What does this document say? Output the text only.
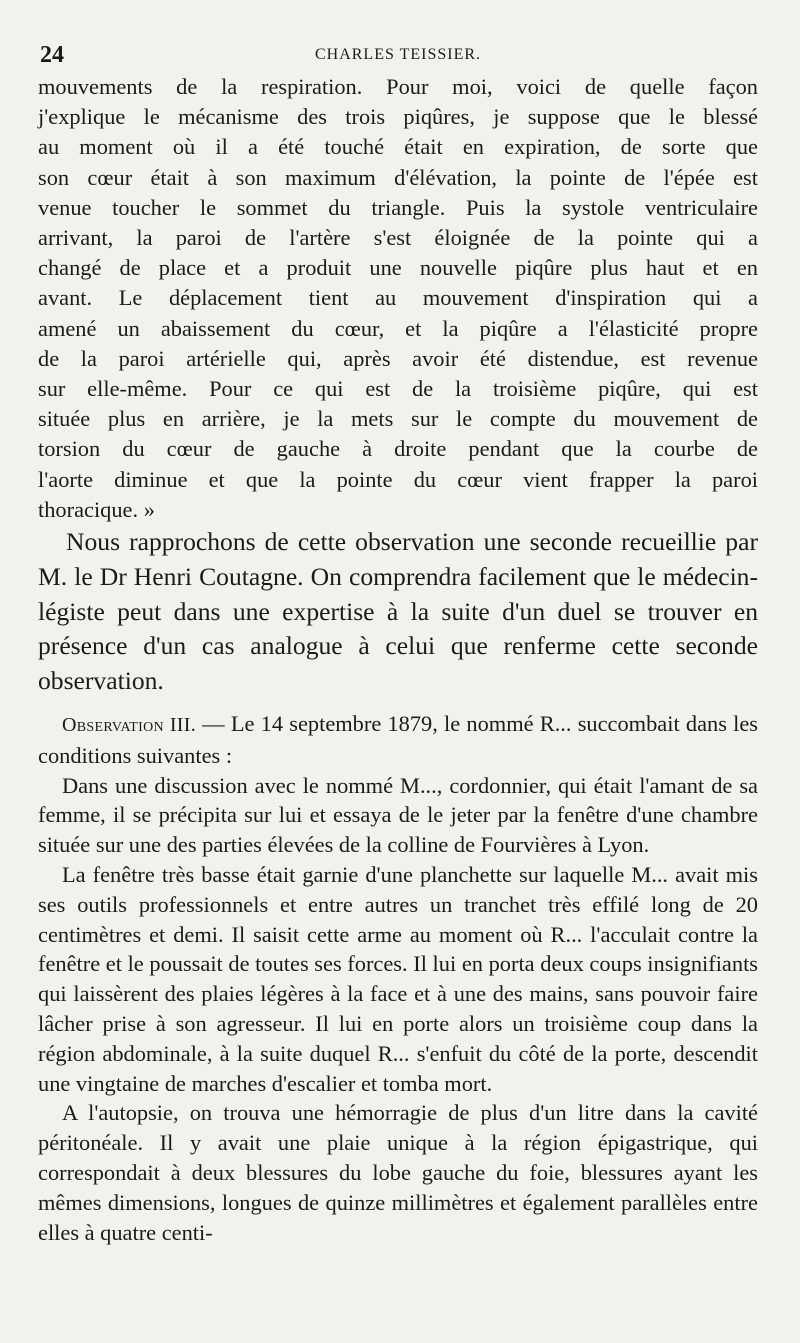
24	CHARLES TEISSIER.
mouvements de la respiration. Pour moi, voici de quelle façon
j'explique le mécanisme des trois piqûres, je suppose que le blessé
au moment où il a été touché était en expiration, de sorte que
son cœur était à son maximum d'élévation, la pointe de l'épée est
venue toucher le sommet du triangle. Puis la systole ventriculaire
arrivant, la paroi de l'artère s'est éloignée de la pointe qui a
changé de place et a produit une nouvelle piqûre plus haut et en
avant. Le déplacement tient au mouvement d'inspiration qui a
amené un abaissement du cœur, et la piqûre a l'élasticité propre
de la paroi artérielle qui, après avoir été distendue, est revenue
sur elle-même. Pour ce qui est de la troisième piqûre, qui est
située plus en arrière, je la mets sur le compte du mouvement de
torsion du cœur de gauche à droite pendant que la courbe de
l'aorte diminue et que la pointe du cœur vient frapper la paroi
thoracique. »

Nous rapprochons de cette observation une seconde recueillie par M. le Dr Henri Coutagne. On comprendra facilement que le médecin-légiste peut dans une expertise à la suite d'un duel se trouver en présence d'un cas analogue à celui que renferme cette seconde observation.

Observation III. — Le 14 septembre 1879, le nommé R... succombait dans les conditions suivantes :

Dans une discussion avec le nommé M..., cordonnier, qui était l'amant de sa femme, il se précipita sur lui et essaya de le jeter par la fenêtre d'une chambre située sur une des parties élevées de la colline de Fourvières à Lyon.

La fenêtre très basse était garnie d'une planchette sur laquelle M... avait mis ses outils professionnels et entre autres un tranchet très effilé long de 20 centimètres et demi. Il saisit cette arme au moment où R... l'acculait contre la fenêtre et le poussait de toutes ses forces. Il lui en porta deux coups insignifiants qui laissèrent des plaies légères à la face et à une des mains, sans pouvoir faire lâcher prise à son agresseur. Il lui en porte alors un troisième coup dans la région abdominale, à la suite duquel R... s'enfuit du côté de la porte, descendit une vingtaine de marches d'escalier et tomba mort.

A l'autopsie, on trouva une hémorragie de plus d'un litre dans la cavité péritonéale. Il y avait une plaie unique à la région épigastrique, qui correspondait à deux blessures du lobe gauche du foie, blessures ayant les mêmes dimensions, longues de quinze millimètres et également parallèles entre elles à quatre centi-
